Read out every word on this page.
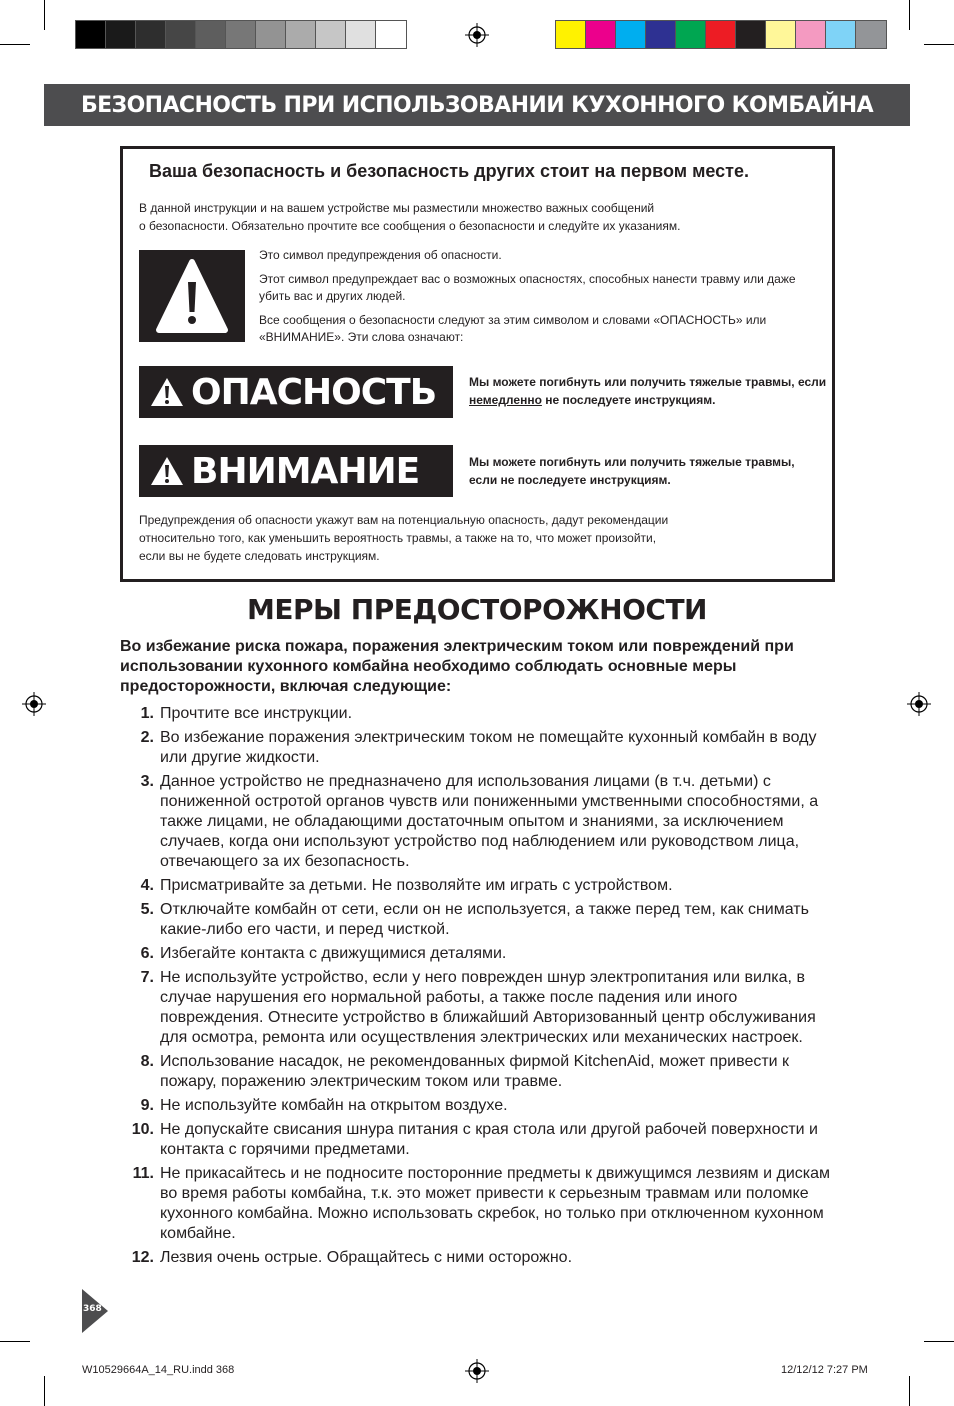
БЕЗОПАСНОСТЬ ПРИ ИСПОЛЬЗОВАНИИ КУХОННОГО КОМБАЙНА
Ваша безопасность и безопасность других стоит на первом месте.
В данной инструкции и на вашем устройстве мы разместили множество важных сообщений
о безопасности. Обязательно прочтите все сообщения о безопасности и следуйте их указаниям.

Это символ предупреждения об опасности.

Этот символ предупреждает вас о возможных опасностях, способных нанести травму или даже убить вас и других людей.

Все сообщения о безопасности следуют за этим символом и словами «ОПАСНОСТЬ» или «ВНИМАНИЕ». Эти слова означают:

ОПАСНОСТЬ	Мы можете погибнуть или получить тяжелые травмы, если немедленно не последуете инструкциям.
ВНИМАНИЕ	Мы можете погибнуть или получить тяжелые травмы, если не последуете инструкциям.
Предупреждения об опасности укажут вам на потенциальную опасность, дадут рекомендации
относительно того, как уменьшить вероятность травмы, а также на то, что может произойти,
если вы не будете следовать инструкциям.
МЕРЫ ПРЕДОСТОРОЖНОСТИ
Во избежание риска пожара, поражения электрическим током или повреждений при использовании кухонного комбайна необходимо соблюдать основные меры предосторожности, включая следующие:
1. Прочтите все инструкции.
2. Во избежание поражения электрическим током не помещайте кухонный комбайн в воду или другие жидкости.
3. Данное устройство не предназначено для использования лицами (в т.ч. детьми) с пониженной остротой органов чувств или пониженными умственными способностями, а также лицами, не обладающими достаточным опытом и знаниями, за исключением случаев, когда они используют устройство под наблюдением или руководством лица, отвечающего за их безопасность.
4. Присматривайте за детьми. Не позволяйте им играть с устройством.
5. Отключайте комбайн от сети, если он не используется, а также перед тем, как снимать какие-либо его части, и перед чисткой.
6. Избегайте контакта с движущимися деталями.
7. Не используйте устройство, если у него поврежден шнур электропитания или вилка, в случае нарушения его нормальной работы, а также после падения или иного повреждения. Отнесите устройство в ближайший Авторизованный центр обслуживания для осмотра, ремонта или осуществления электрических или механических настроек.
8. Использование насадок, не рекомендованных фирмой KitchenAid, может привести к пожару, поражению электрическим током или травме.
9. Не используйте комбайн на открытом воздухе.
10. Не допускайте свисания шнура питания с края стола или другой рабочей поверхности и контакта с горячими предметами.
11. Не прикасайтесь и не подносите посторонние предметы к движущимся лезвиям и дискам во время работы комбайна, т.к. это может привести к серьезным травмам или поломке кухонного комбайна. Можно использовать скребок, но только при отключенном кухонном комбайне.
12. Лезвия очень острые. Обращайтесь с ними осторожно.
368
W10529664A_14_RU.indd 368	12/12/12 7:27 PM
